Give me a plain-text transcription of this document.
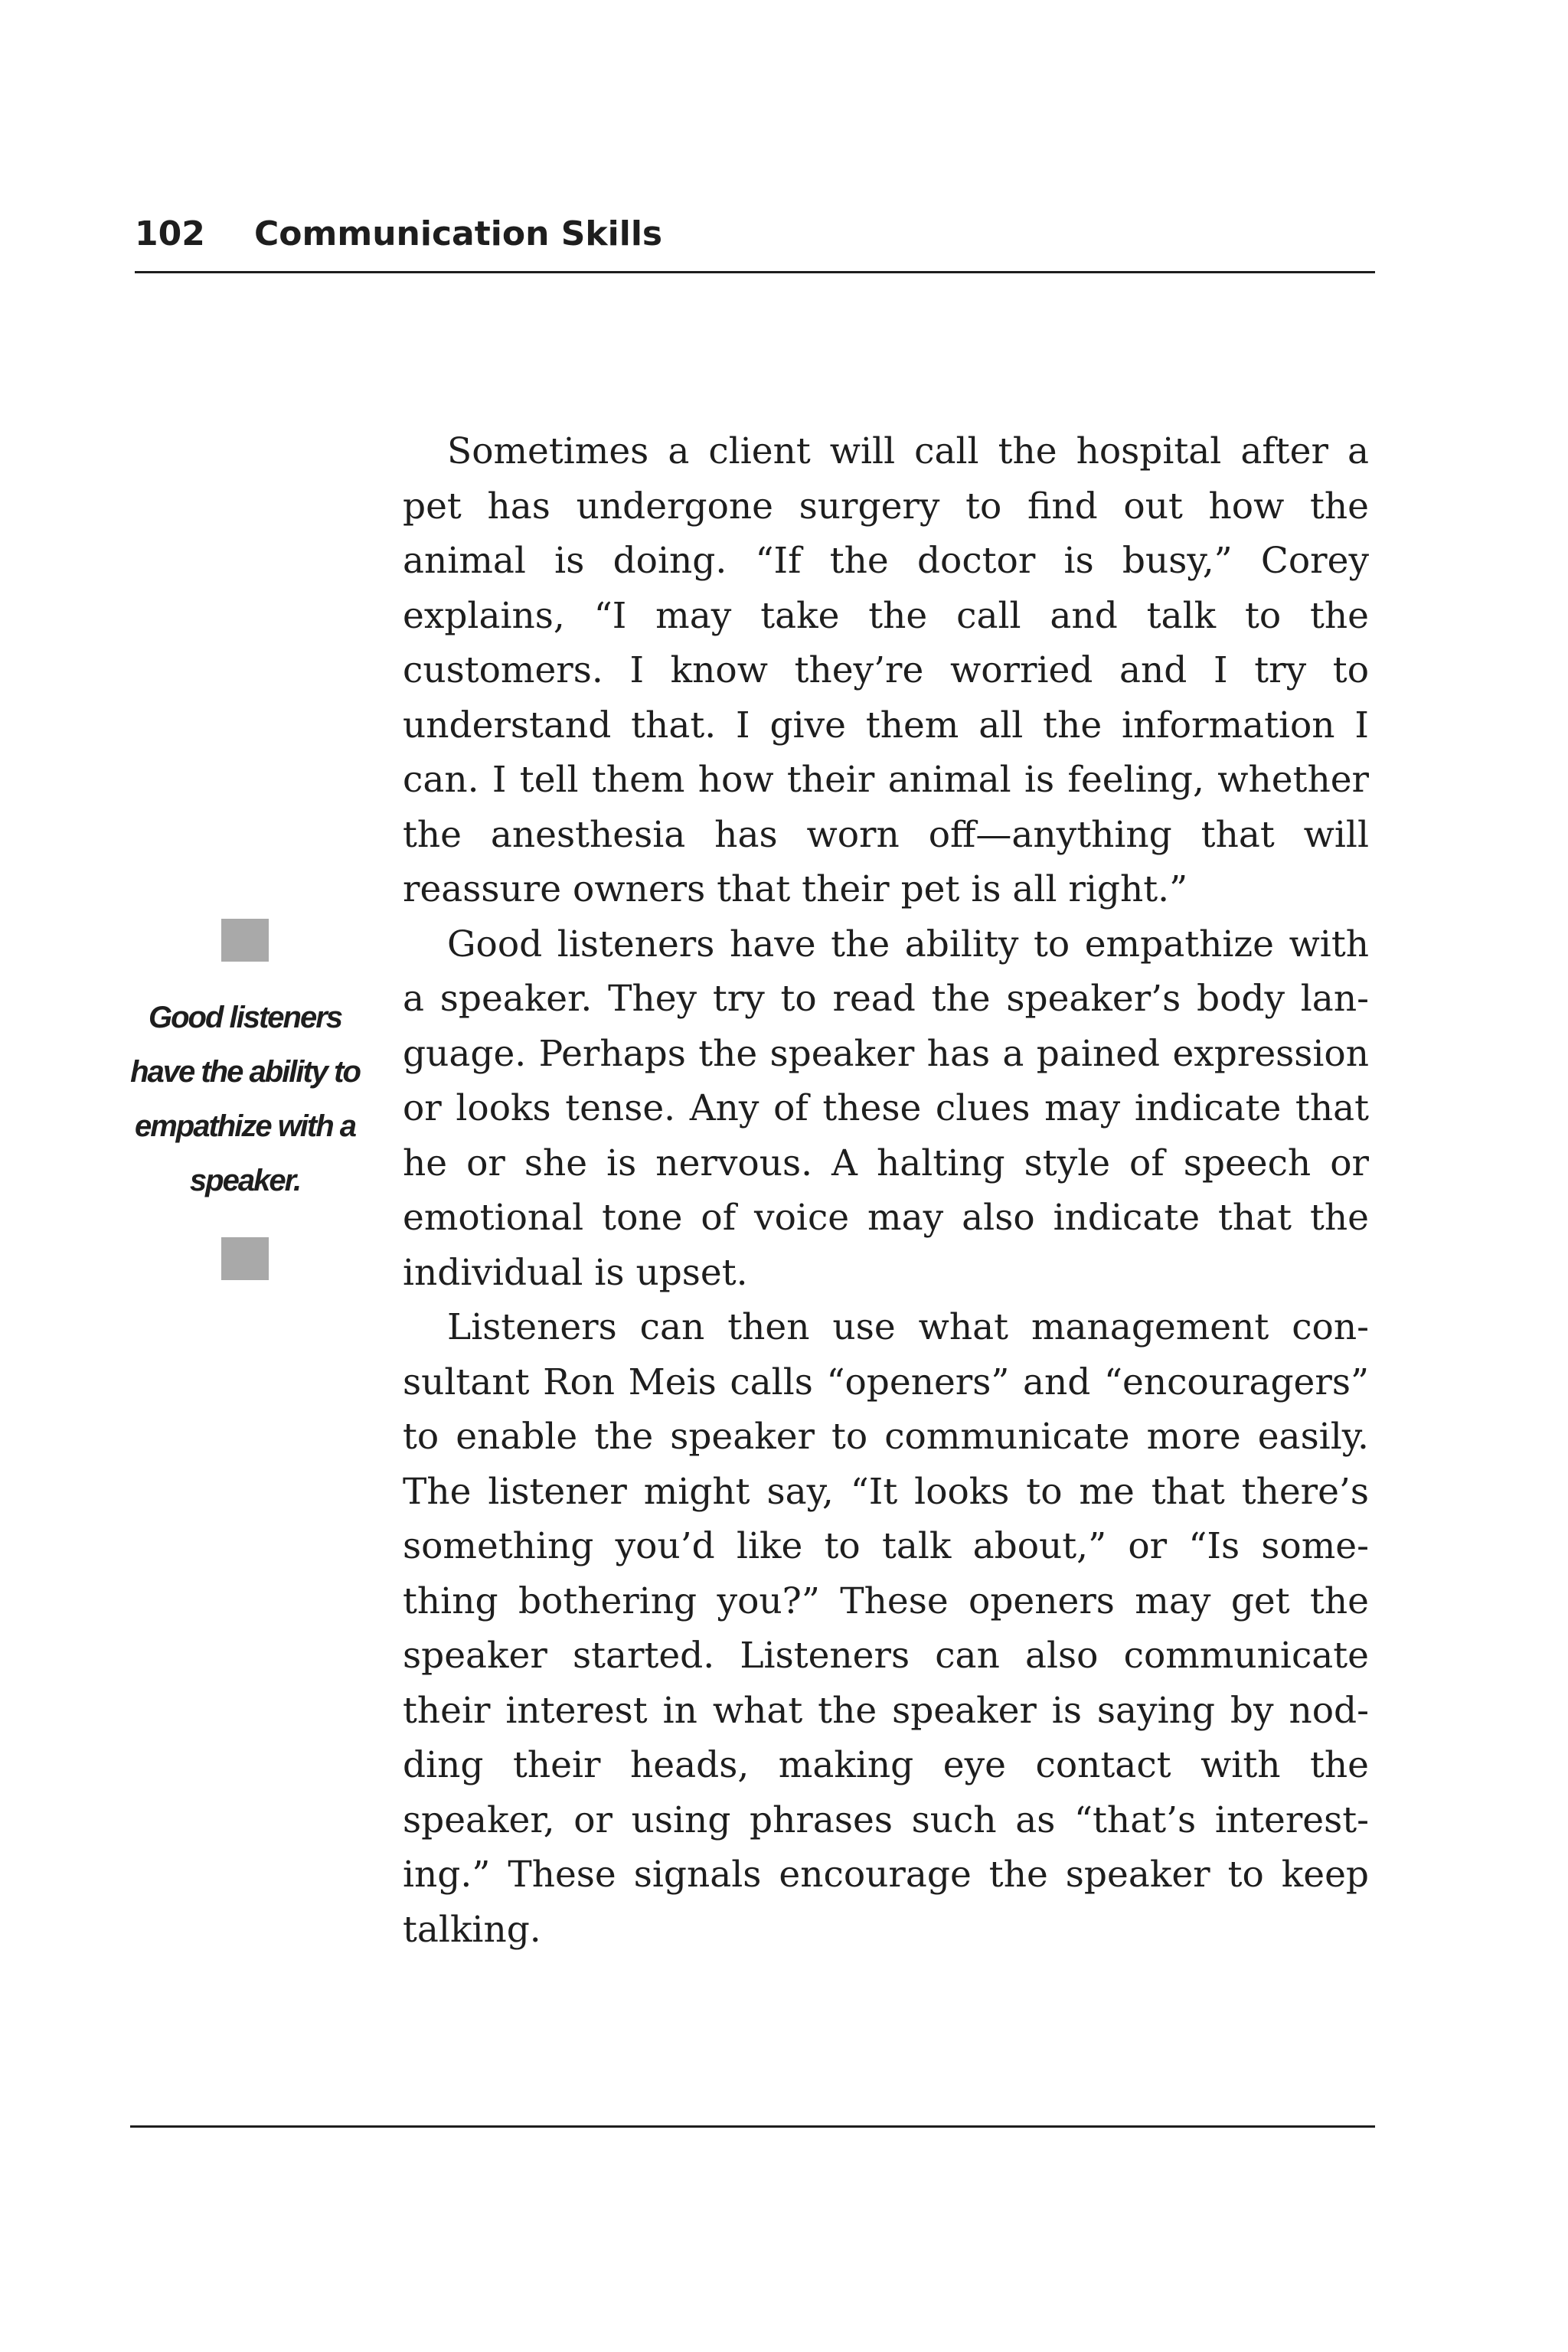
102 Communication Skills
Good listeners have the ability to empathize with a speaker.

Sometimes a client will call the hospital after a pet has undergone surgery to find out how the animal is doing. “If the doctor is busy,” Corey explains, “I may take the call and talk to the customers. I know they’re worried and I try to understand that. I give them all the information I can. I tell them how their animal is feeling, whether the anesthesia has worn off—anything that will reassure owners that their pet is all right.”

Good listeners have the ability to empathize with a speaker. They try to read the speaker’s body language. Perhaps the speaker has a pained expression or looks tense. Any of these clues may indicate that he or she is nervous. A halting style of speech or emotional tone of voice may also indicate that the individual is upset.

Listeners can then use what management consultant Ron Meis calls “openers” and “encouragers” to enable the speaker to communicate more easily. The listener might say, “It looks to me that there’s something you’d like to talk about,” or “Is something bothering you?” These openers may get the speaker started. Listeners can also communicate their interest in what the speaker is saying by nodding their heads, making eye contact with the speaker, or using phrases such as “that’s interesting.” These signals encourage the speaker to keep talking.
